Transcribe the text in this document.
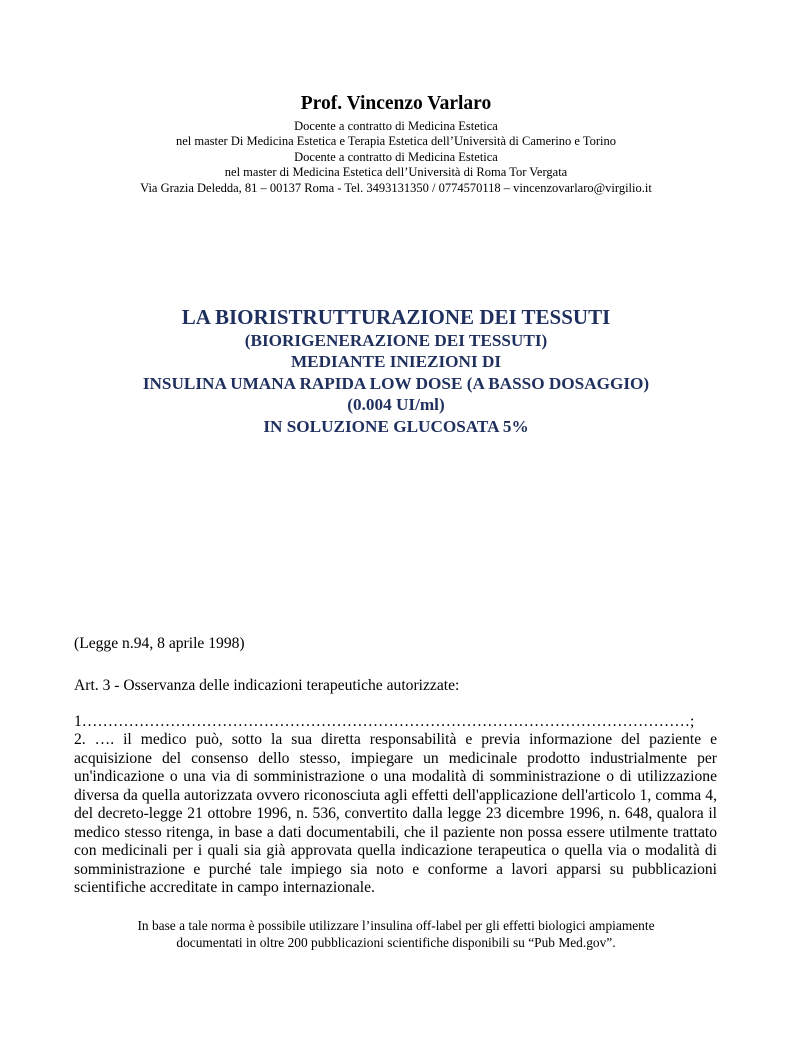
Prof. Vincenzo Varlaro
Docente a contratto di Medicina Estetica
nel master Di Medicina Estetica e Terapia Estetica dell’Università di Camerino e Torino
Docente a contratto di Medicina Estetica
nel master di Medicina Estetica dell’Università di Roma Tor Vergata
Via Grazia Deledda, 81 – 00137 Roma - Tel. 3493131350 / 0774570118 – vincenzovarlaro@virgilio.it
LA BIORISTRUTTURAZIONE DEI TESSUTI
(BIORIGENERAZIONE DEI TESSUTI)
MEDIANTE INIEZIONI DI
INSULINA UMANA RAPIDA LOW DOSE (A BASSO DOSAGGIO)
(0.004 UI/ml)
IN SOLUZIONE GLUCOSATA 5%
(Legge n.94, 8 aprile 1998)
Art. 3 - Osservanza delle indicazioni terapeutiche autorizzate:
1………………………………………………………………………………………………………;
2. …. il medico può, sotto la sua diretta responsabilità e previa informazione del paziente e acquisizione del consenso dello stesso, impiegare un medicinale prodotto industrialmente per un'indicazione o una via di somministrazione o una modalità di somministrazione o di utilizzazione diversa da quella autorizzata ovvero riconosciuta agli effetti dell'applicazione dell'articolo 1, comma 4, del decreto-legge 21 ottobre 1996, n. 536, convertito dalla legge 23 dicembre 1996, n. 648, qualora il medico stesso ritenga, in base a dati documentabili, che il paziente non possa essere utilmente trattato con medicinali per i quali sia già approvata quella indicazione terapeutica o quella via o modalità di somministrazione e purché tale impiego sia noto e conforme a lavori apparsi su pubblicazioni scientifiche accreditate in campo internazionale.
In base a tale norma è possibile utilizzare l’insulina off-label per gli effetti biologici ampiamente
documentati in oltre 200 pubblicazioni scientifiche disponibili su “Pub Med.gov”.
